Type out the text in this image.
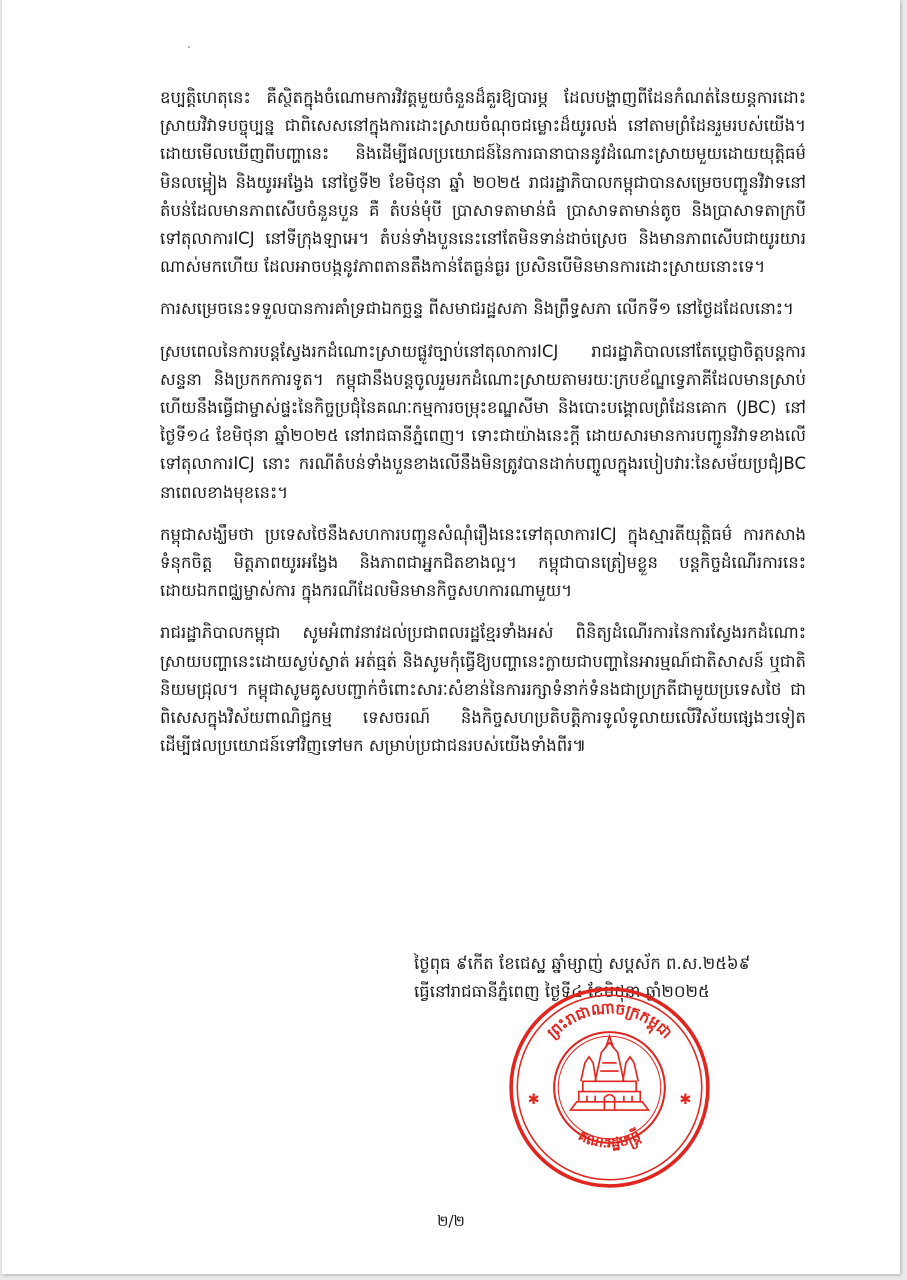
ឧប្បត្តិហេតុនេះ គឺស្ថិតក្នុងចំណោមការវិវត្តមួយចំនួនដ៏គួរឱ្យបារម្ភ ដែលបង្ហាញពីដែនកំណត់នៃយន្តការដោះស្រាយវិវាទបច្ចុប្បន្ន ជាពិសេសនៅក្នុងការដោះស្រាយចំណុចជម្លោះដ៏យូរលង់ នៅតាមព្រំដែនរួមរបស់យើង។ ដោយមើលឃើញពីបញ្ហានេះ និងដើម្បីផលប្រយោជន៍នៃការធានាបាននូវដំណោះស្រាយមួយដោយយុត្តិធម៌ មិនលម្អៀង និងយូរអង្វែង នៅថ្ងៃទី២ ខែមិថុនា ឆ្នាំ ២០២៥ រាជរដ្ឋាភិបាលកម្ពុជាបានសម្រេចបញ្ជូនវិវាទនៅតំបន់ដែលមានភាពសើបចំនួនបួន គឺ តំបន់មុំបី ប្រាសាទតាមាន់ធំ ប្រាសាទតាមាន់តូច និងប្រាសាទតាក្របី ទៅតុលាការICJ នៅទីក្រុងឡាអេ។ តំបន់ទាំងបួននេះនៅតែមិនទាន់ដាច់ស្រេច និងមានភាពសើបជាយូរយារណាស់មកហើយ ដែលអាចបង្កនូវភាពតានតឹងកាន់តែធ្ងន់ធ្ងរ ប្រសិនបើមិនមានការដោះស្រាយនោះទេ។

ការសម្រេចនេះទទួលបានការគាំទ្រជាឯកច្ឆន្ទ ពីសមាជរដ្ឋសភា និងព្រឹទ្ធសភា លើកទី១ នៅថ្ងៃដដែលនោះ។

ស្របពេលនៃការបន្តស្វែងរកដំណោះស្រាយផ្លូវច្បាប់នៅតុលាការICJ រាជរដ្ឋាភិបាលនៅតែប្ដេជ្ញាចិត្តបន្តការសន្ទនា និងប្រកកការទូត។ កម្ពុជានឹងបន្តចូលរួមរកដំណោះស្រាយតាមរយៈក្របខ័ណ្ឌទ្វេភាគីដែលមានស្រាប់ ហើយនឹងធ្វើជាម្ចាស់ផ្ទះនៃកិច្ចប្រជុំនៃគណៈកម្មការចម្រុះខណ្ឌសីមា និងបោះបង្គោលព្រំដែនគោក (JBC) នៅថ្ងៃទី១៤ ខែមិថុនា ឆ្នាំ២០២៥ នៅរាជធានីភ្នំពេញ។ ទោះជាយ៉ាងនេះក្តី ដោយសារមានការបញ្ជូនវិវាទខាងលើទៅតុលាការICJ នោះ ករណីតំបន់ទាំងបួនខាងលើនឹងមិនត្រូវបានដាក់បញ្ចូលក្នុងរបៀបវារៈនៃសម័យប្រជុំJBC នាពេលខាងមុខនេះ។

កម្ពុជាសង្ឃឹមថា ប្រទេសថៃនឹងសហការបញ្ជូនសំណុំរឿងនេះទៅតុលាការICJ ក្នុងស្មារតីយុត្តិធម៌ ការកសាងទំនុកចិត្ត មិត្តភាពយូរអង្វែង និងភាពជាអ្នកជិតខាងល្អ។ កម្ពុជាបានត្រៀមខ្លួន បន្តកិច្ចដំណើរការនេះដោយឯកពជ្ឈម្ចាស់ការ ក្នុងករណីដែលមិនមានកិច្ចសហការណាមួយ។

រាជរដ្ឋាភិបាលកម្ពុជា សូមអំពាវនាវដល់ប្រជាពលរដ្ឋខ្មែរទាំងអស់ ពិនិត្យដំណើរការនៃការស្វែងរកដំណោះស្រាយបញ្ហានេះដោយស្ងប់ស្ងាត់ អត់ធ្មត់ និងសូមកុំធ្វើឱ្យបញ្ហានេះក្លាយជាបញ្ហានៃអារម្មណ៍ជាតិសាសន៍ ឬជាតិនិយមជ្រុល។ កម្ពុជាសូមគូសបញ្ជាក់ចំពោះសារៈសំខាន់នៃការរក្សាទំនាក់ទំនងជាប្រក្រតីជាមួយប្រទេសថៃ ជាពិសេសក្នុងវិស័យពាណិជ្ជកម្ម ទេសចរណ៍ និងកិច្ចសហប្រតិបត្តិការទូលំទូលាយលើវិស័យផ្សេងៗទៀត ដើម្បីផលប្រយោជន៍ទៅវិញទៅមក សម្រាប់ប្រជាជនរបស់យើងទាំងពីរ៕

ថ្ងៃពុធ ៩កើត ខែជេស្ឋ ឆ្នាំម្សាញ់ សប្តស័ក ព.ស.២៥៦៩
ធ្វើនៅរាជធានីភ្នំពេញ ថ្ងៃទី៤ ខែមិថុនា ឆ្នាំ២០២៥
ព្រះរាជាណាចក្រកម្ពុជា
គណៈរដ្ឋមន្ត្រី
✱	✱
២/២
